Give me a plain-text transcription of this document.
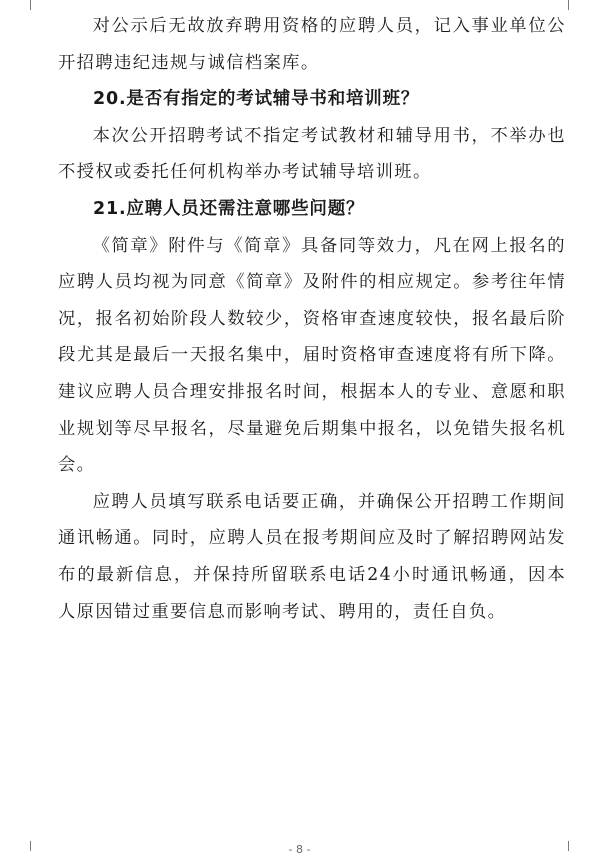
对公示后无故放弃聘用资格的应聘人员，记入事业单位公开招聘违纪违规与诚信档案库。

20.是否有指定的考试辅导书和培训班？

本次公开招聘考试不指定考试教材和辅导用书，不举办也不授权或委托任何机构举办考试辅导培训班。

21.应聘人员还需注意哪些问题？

《简章》附件与《简章》具备同等效力，凡在网上报名的应聘人员均视为同意《简章》及附件的相应规定。参考往年情况，报名初始阶段人数较少，资格审查速度较快，报名最后阶段尤其是最后一天报名集中，届时资格审查速度将有所下降。建议应聘人员合理安排报名时间，根据本人的专业、意愿和职业规划等尽早报名，尽量避免后期集中报名，以免错失报名机会。

应聘人员填写联系电话要正确，并确保公开招聘工作期间通讯畅通。同时，应聘人员在报考期间应及时了解招聘网站发布的最新信息，并保持所留联系电话24小时通讯畅通，因本人原因错过重要信息而影响考试、聘用的，责任自负。

- 8 -
